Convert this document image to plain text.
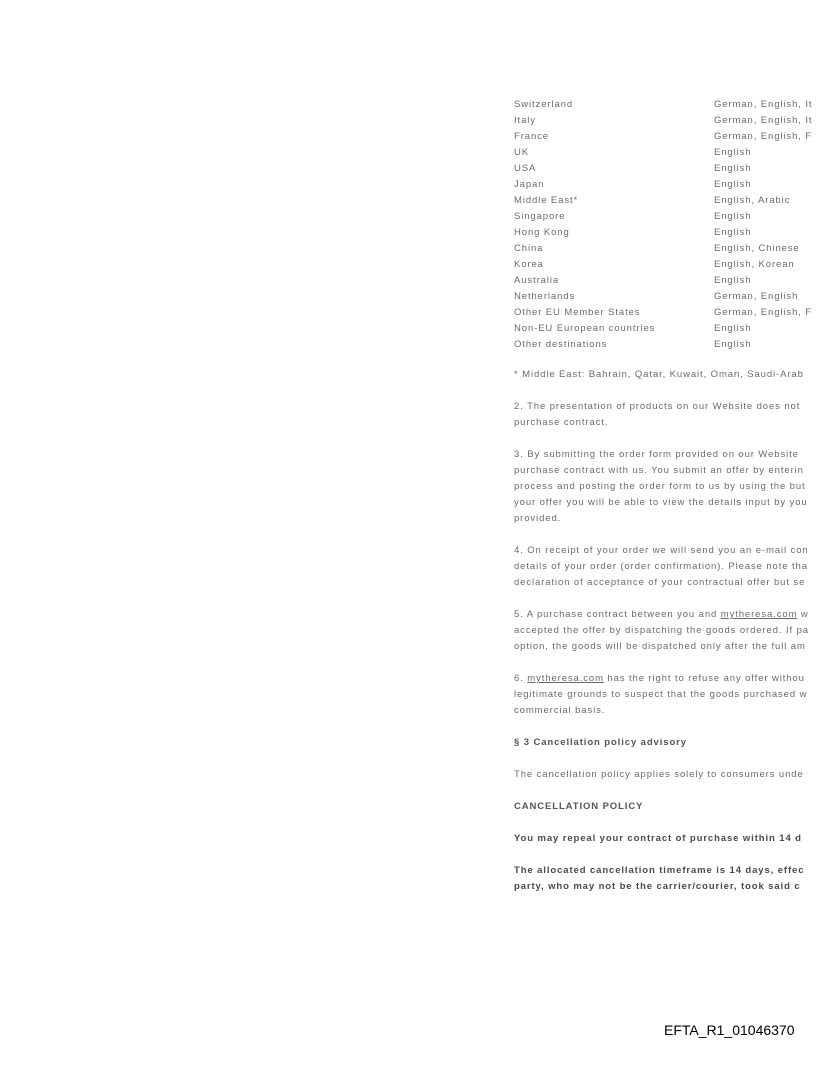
Switzerland	German, English, It
Italy	German, English, It
France	German, English, F
UK	English
USA	English
Japan	English
Middle East*	English, Arabic
Singapore	English
Hong Kong	English
China	English, Chinese
Korea	English, Korean
Australia	English
Netherlands	German, English
Other EU Member States	German, English, F
Non-EU European countries	English
Other destinations	English

* Middle East: Bahrain, Qatar, Kuwait, Oman, Saudi-Arab

2. The presentation of products on our Website does not

purchase contract.

3. By submitting the order form provided on our Website

purchase contract with us. You submit an offer by enterin

process and posting the order form to us by using the but

your offer you will be able to view the details input by you

provided.

4. On receipt of your order we will send you an e-mail con

details of your order (order confirmation). Please note tha

declaration of acceptance of your contractual offer but se

5. A purchase contract between you and mytheresa.com w

accepted the offer by dispatching the goods ordered. If pa

option, the goods will be dispatched only after the full am

6. mytheresa.com has the right to refuse any offer withou

legitimate grounds to suspect that the goods purchased w

commercial basis.

§ 3 Cancellation policy advisory

The cancellation policy applies solely to consumers unde

CANCELLATION POLICY

You may repeal your contract of purchase within 14 d

The allocated cancellation timeframe is 14 days, effec

party, who may not be the carrier/courier, took said c

EFTA_R1_01046370
